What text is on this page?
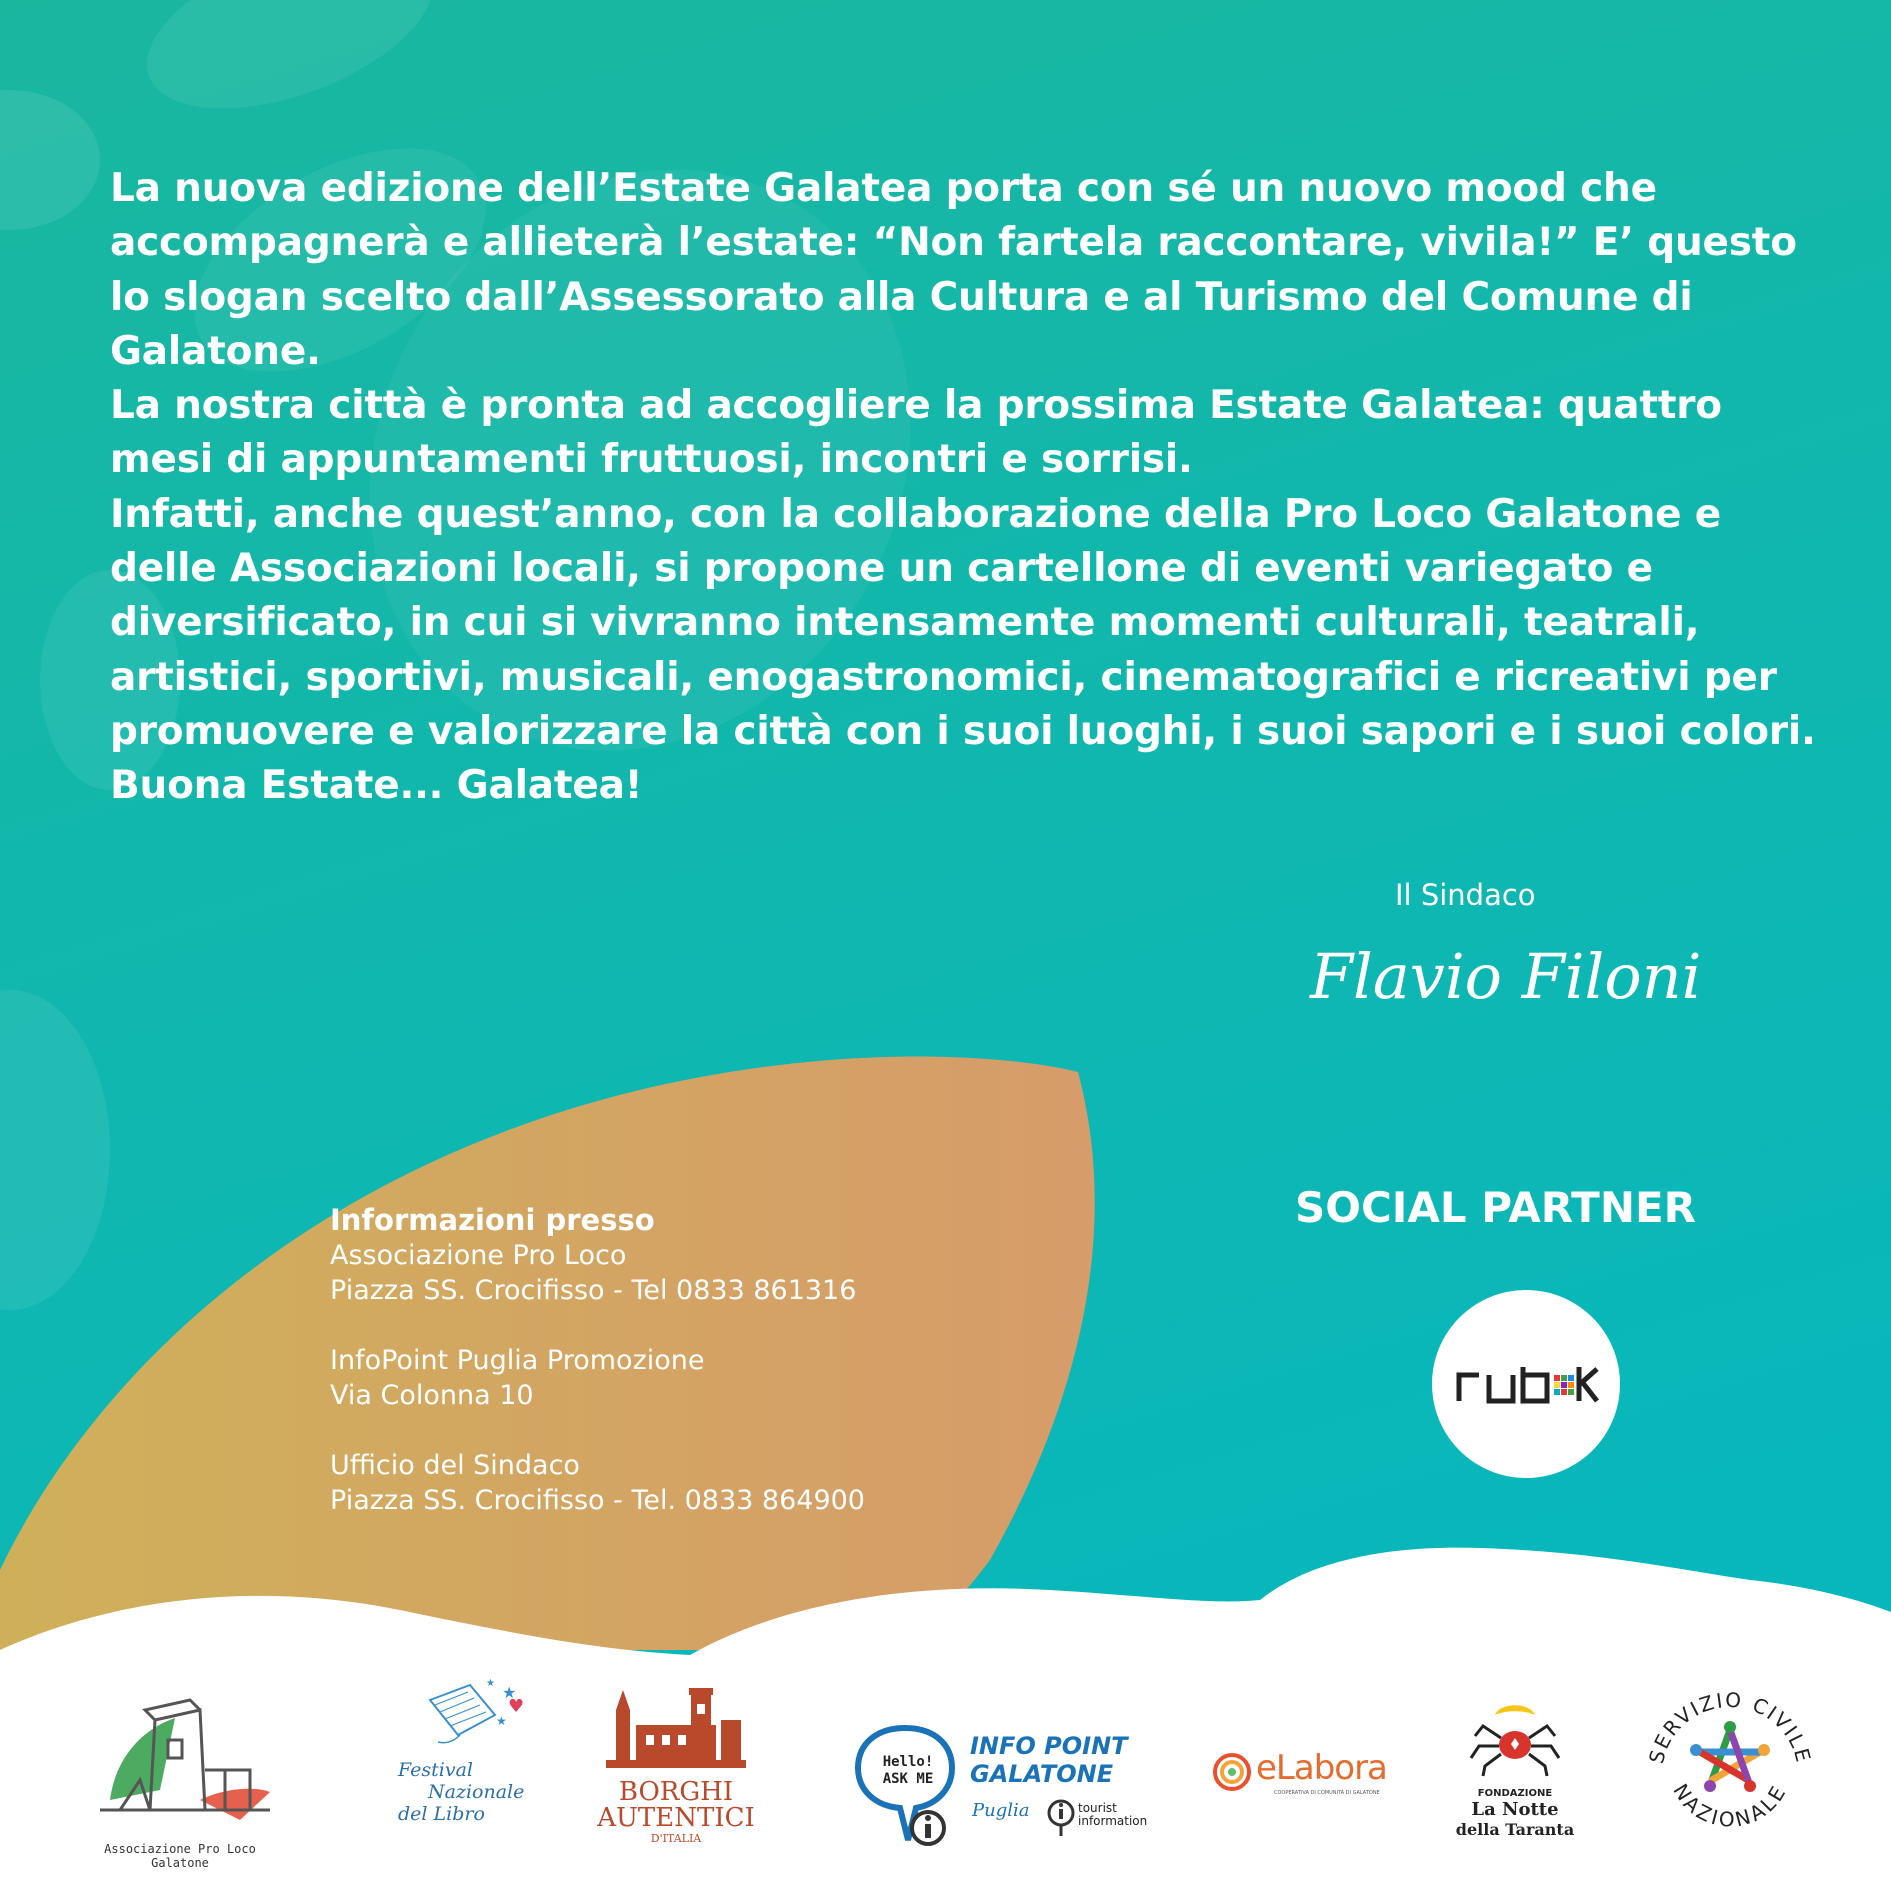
La nuova edizione dell’Estate Galatea porta con sé un nuovo mood che accompagnerà e allieterà l’estate: “Non fartela raccontare, vivila!” E’ questo lo slogan scelto dall’Assessorato alla Cultura e al Turismo del Comune di Galatone.

La nostra città è pronta ad accogliere la prossima Estate Galatea: quattro mesi di appuntamenti fruttuosi, incontri e sorrisi.

Infatti, anche quest’anno, con la collaborazione della Pro Loco Galatone e delle Associazioni locali, si propone un cartellone di eventi variegato e diversificato, in cui si vivranno intensamente momenti culturali, teatrali, artistici, sportivi, musicali, enogastronomici, cinematografici e ricreativi per promuovere e valorizzare la città con i suoi luoghi, i suoi sapori e i suoi colori.

Buona Estate... Galatea!

Il Sindaco
Flavio Filoni
SOCIAL PARTNER
Informazioni presso
Associazione Pro Loco
Piazza SS. Crocifisso - Tel 0833 861316
InfoPoint Puglia Promozione
Via Colonna 10
Ufficio del Sindaco
Piazza SS. Crocifisso - Tel. 0833 864900
Associazione Pro Loco
Galatone
★
★
★
♥
Festival
Nazionale
del Libro
BORGHI
AUTENTICI
D'ITALIA
Hello!
ASK ME
INFO POINT
GALATONE
Puglia	tourist
information
eLabora
COOPERATIVA DI COMUNITÀ DI GALATONE	FONDAZIONE
La Notte
della Taranta
SERVIZIO CIVILE
NAZIONALE
